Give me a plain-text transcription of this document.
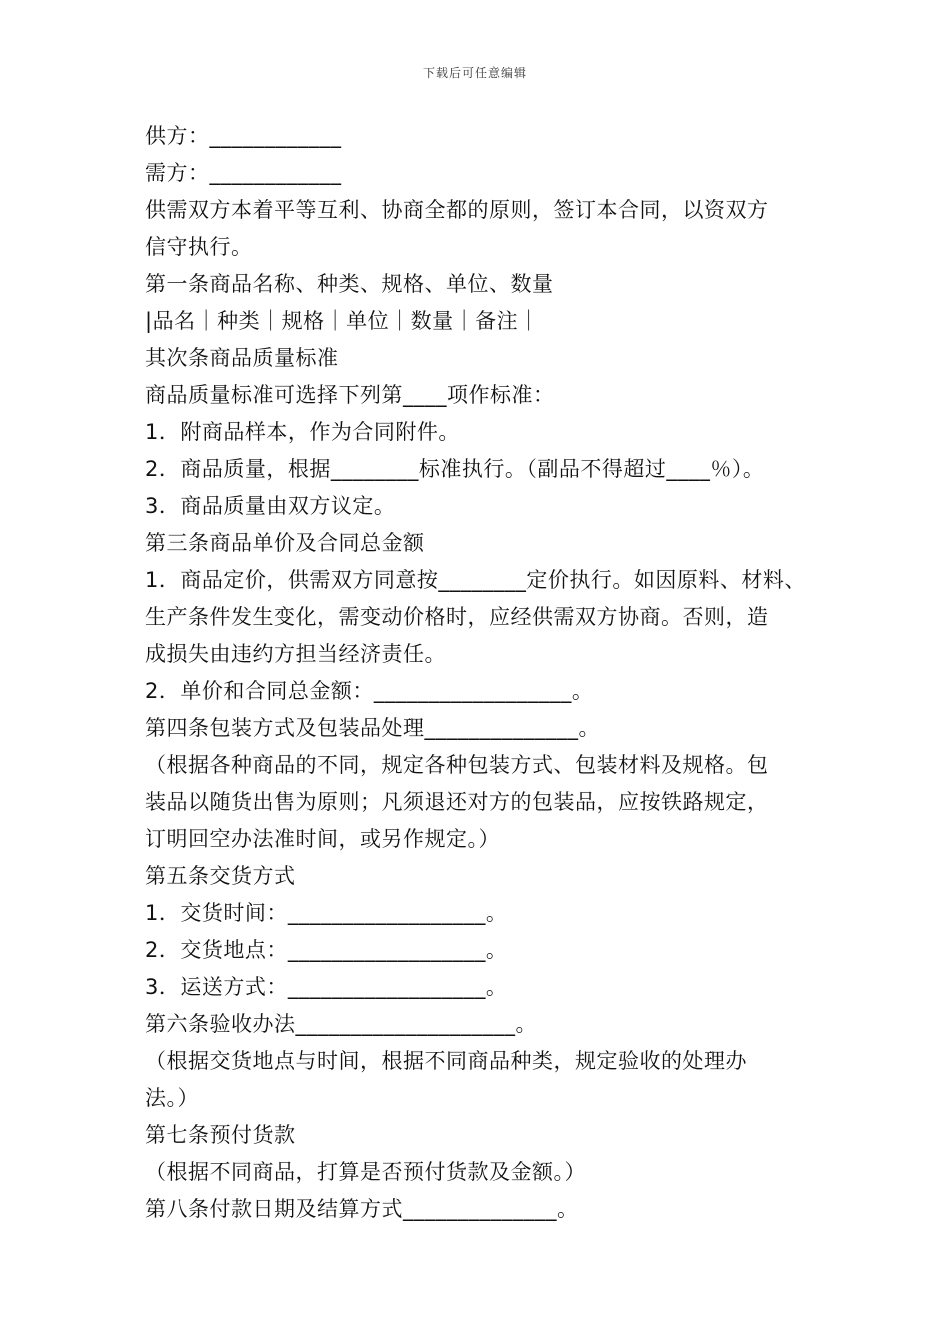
下载后可任意编辑
供方：____________
需方：____________
供需双方本着平等互利、协商全都的原则，签订本合同，以资双方
信守执行。
第一条商品名称、种类、规格、单位、数量
|品名｜种类｜规格｜单位｜数量｜备注｜
其次条商品质量标准
商品质量标准可选择下列第____项作标准：
1．附商品样本，作为合同附件。
2．商品质量，根据________标准执行。（副品不得超过____％）。
3．商品质量由双方议定。
第三条商品单价及合同总金额
1．商品定价，供需双方同意按________定价执行。如因原料、材料、
生产条件发生变化，需变动价格时，应经供需双方协商。否则，造
成损失由违约方担当经济责任。
2．单价和合同总金额：__________________。
第四条包装方式及包装品处理______________。
（根据各种商品的不同，规定各种包装方式、包装材料及规格。包
装品以随货出售为原则；凡须退还对方的包装品，应按铁路规定，
订明回空办法准时间，或另作规定。）
第五条交货方式
1．交货时间：__________________。
2．交货地点：__________________。
3．运送方式：__________________。
第六条验收办法____________________。
（根据交货地点与时间，根据不同商品种类，规定验收的处理办
法。）
第七条预付货款
（根据不同商品，打算是否预付货款及金额。）
第八条付款日期及结算方式______________。
